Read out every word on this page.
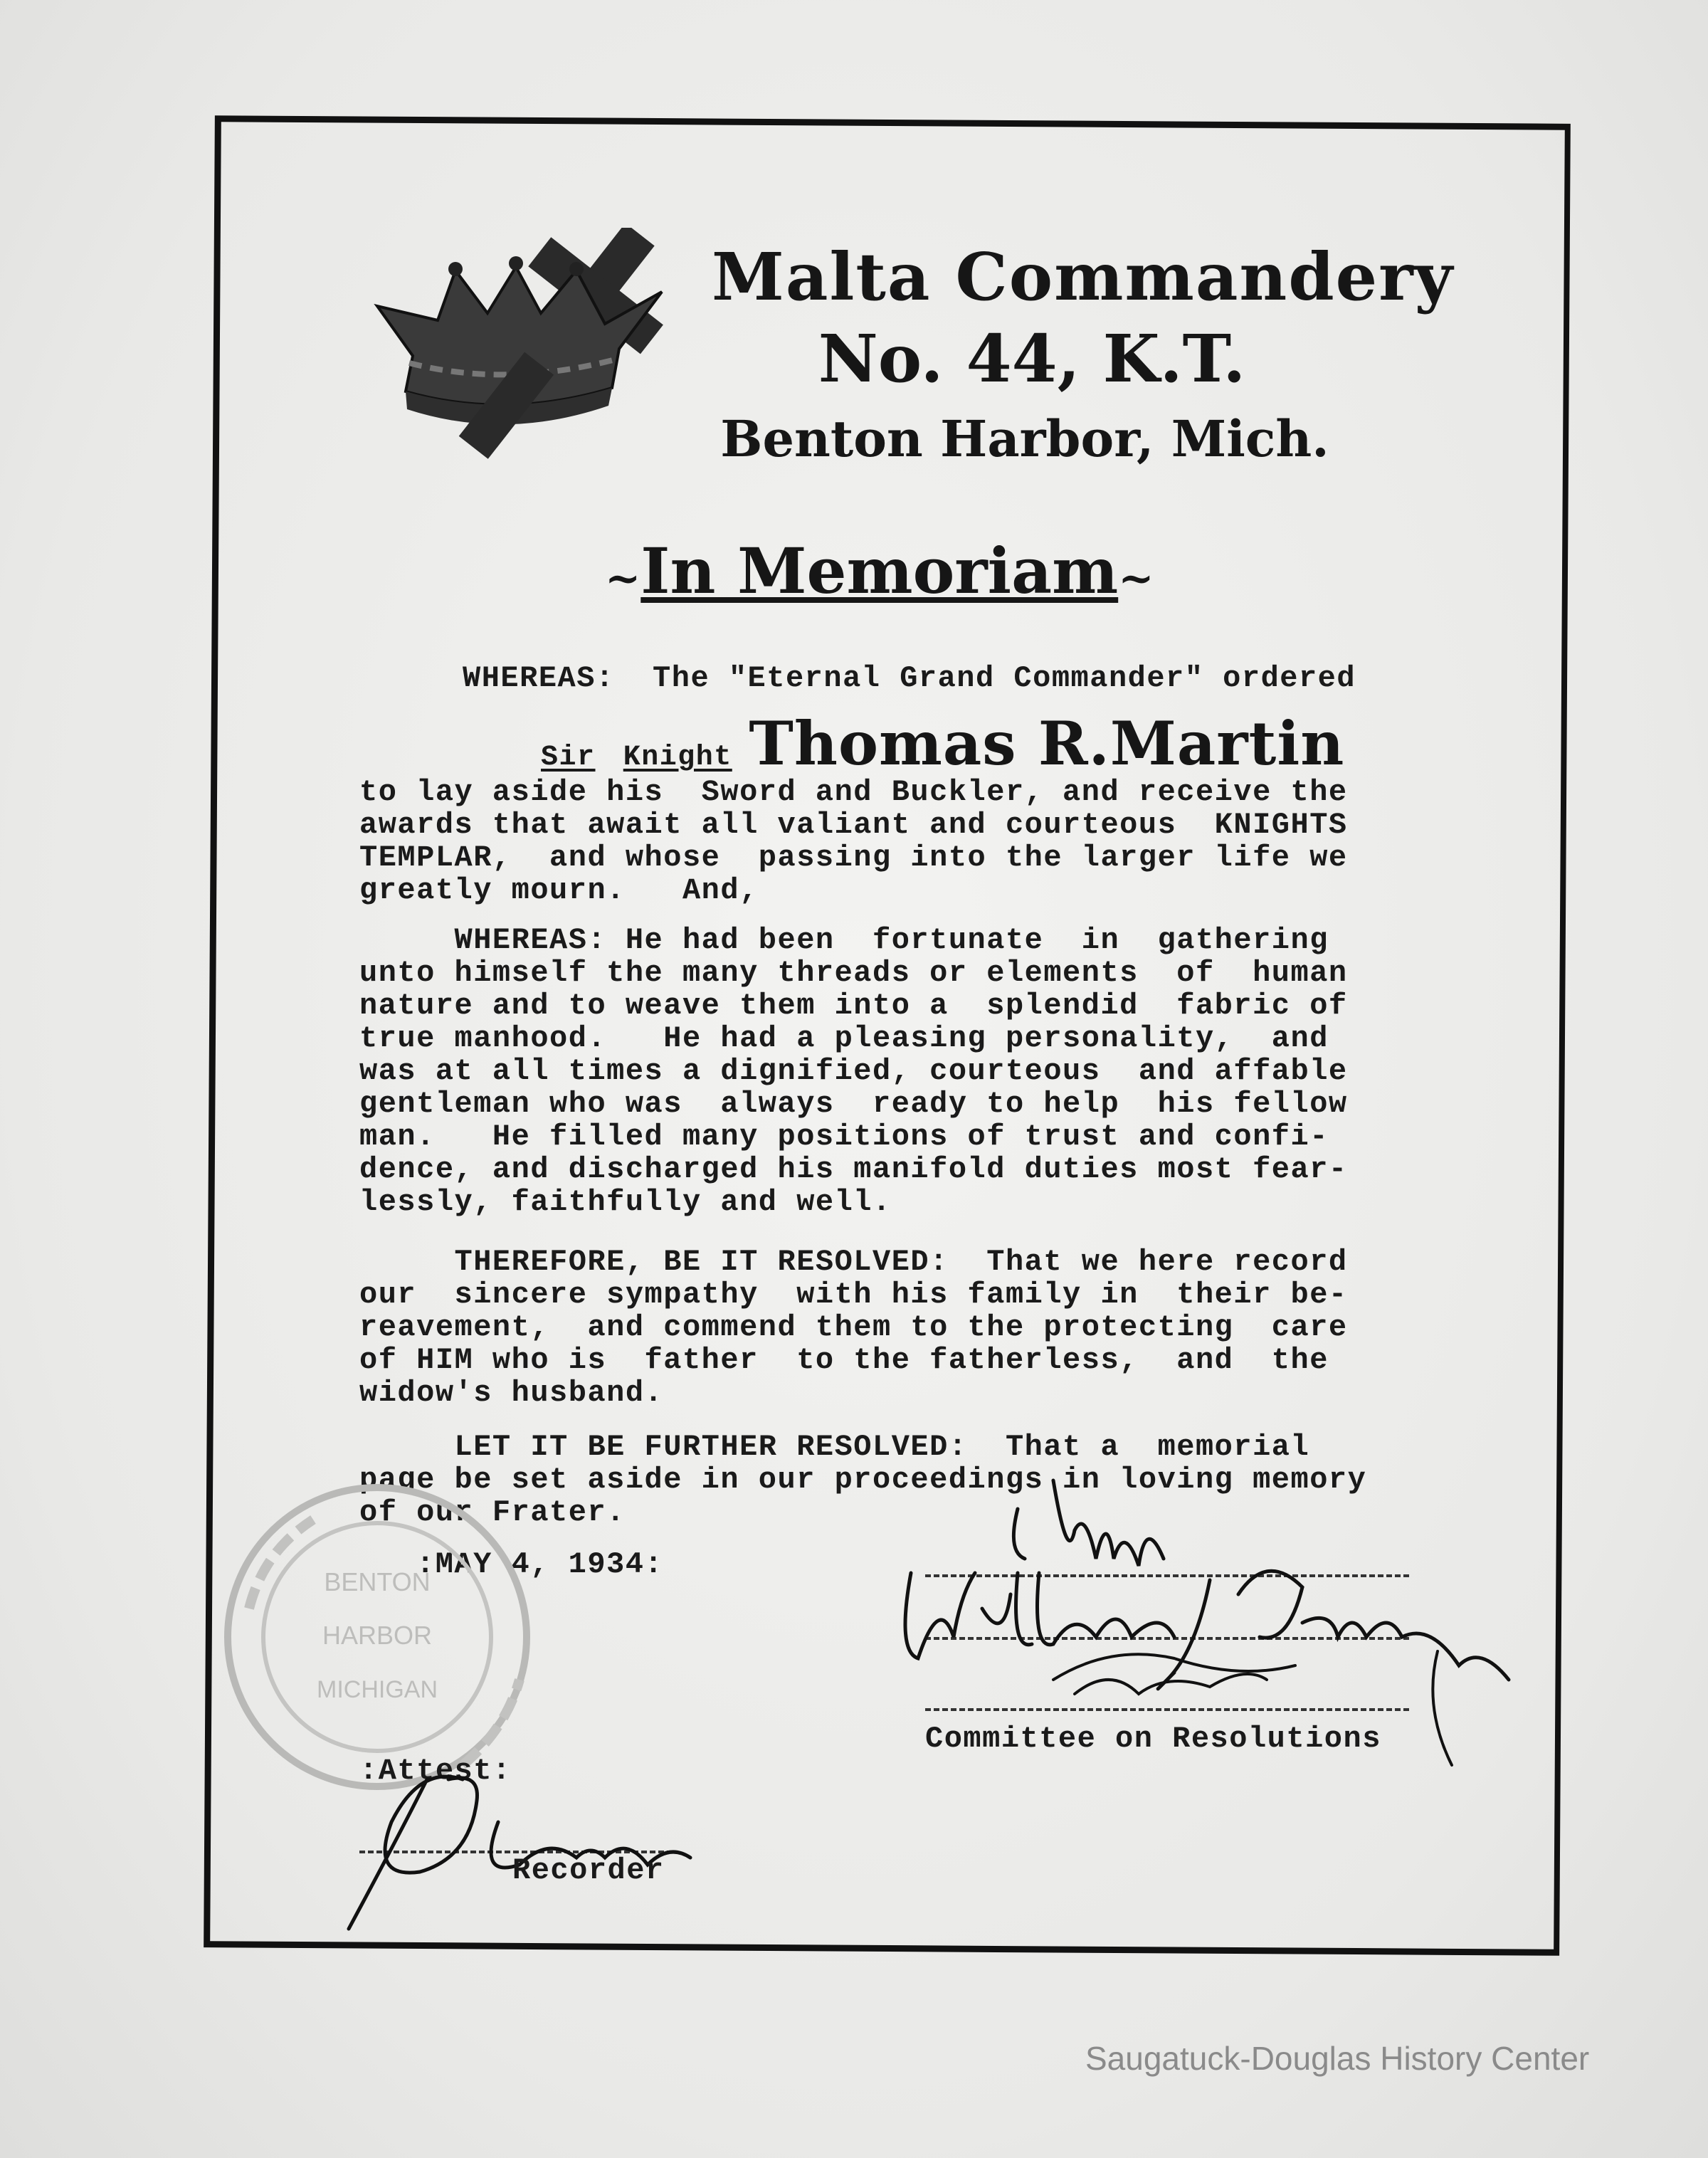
Malta Commandery
No. 44, K.T.
Benton Harbor, Mich.
~In Memoriam~
WHEREAS:  The "Eternal Grand Commander" ordered
Sir Knight Thomas R.Martin
to lay aside his  Sword and Buckler, and receive the
awards that await all valiant and courteous  KNIGHTS
TEMPLAR,  and whose  passing into the larger life we
greatly mourn.   And,
WHEREAS: He had been  fortunate  in  gathering
unto himself the many threads or elements  of  human
nature and to weave them into a  splendid  fabric of
true manhood.   He had a pleasing personality,  and
was at all times a dignified, courteous  and affable
gentleman who was  always  ready to help  his fellow
man.   He filled many positions of trust and confi-
dence, and discharged his manifold duties most fear-
lessly, faithfully and well.
THEREFORE, BE IT RESOLVED:  That we here record
our  sincere sympathy  with his family in  their be-
reavement,  and commend them to the protecting  care
of HIM who is  father  to the fatherless,  and  the
widow's husband.
LET IT BE FURTHER RESOLVED:  That a  memorial
page be set aside in our proceedings in loving memory
of our Frater.
:MAY 4, 1934:
BENTON
HARBOR
MICHIGAN
Committee on Resolutions
:Attest:
Recorder
Saugatuck-Douglas History Center
